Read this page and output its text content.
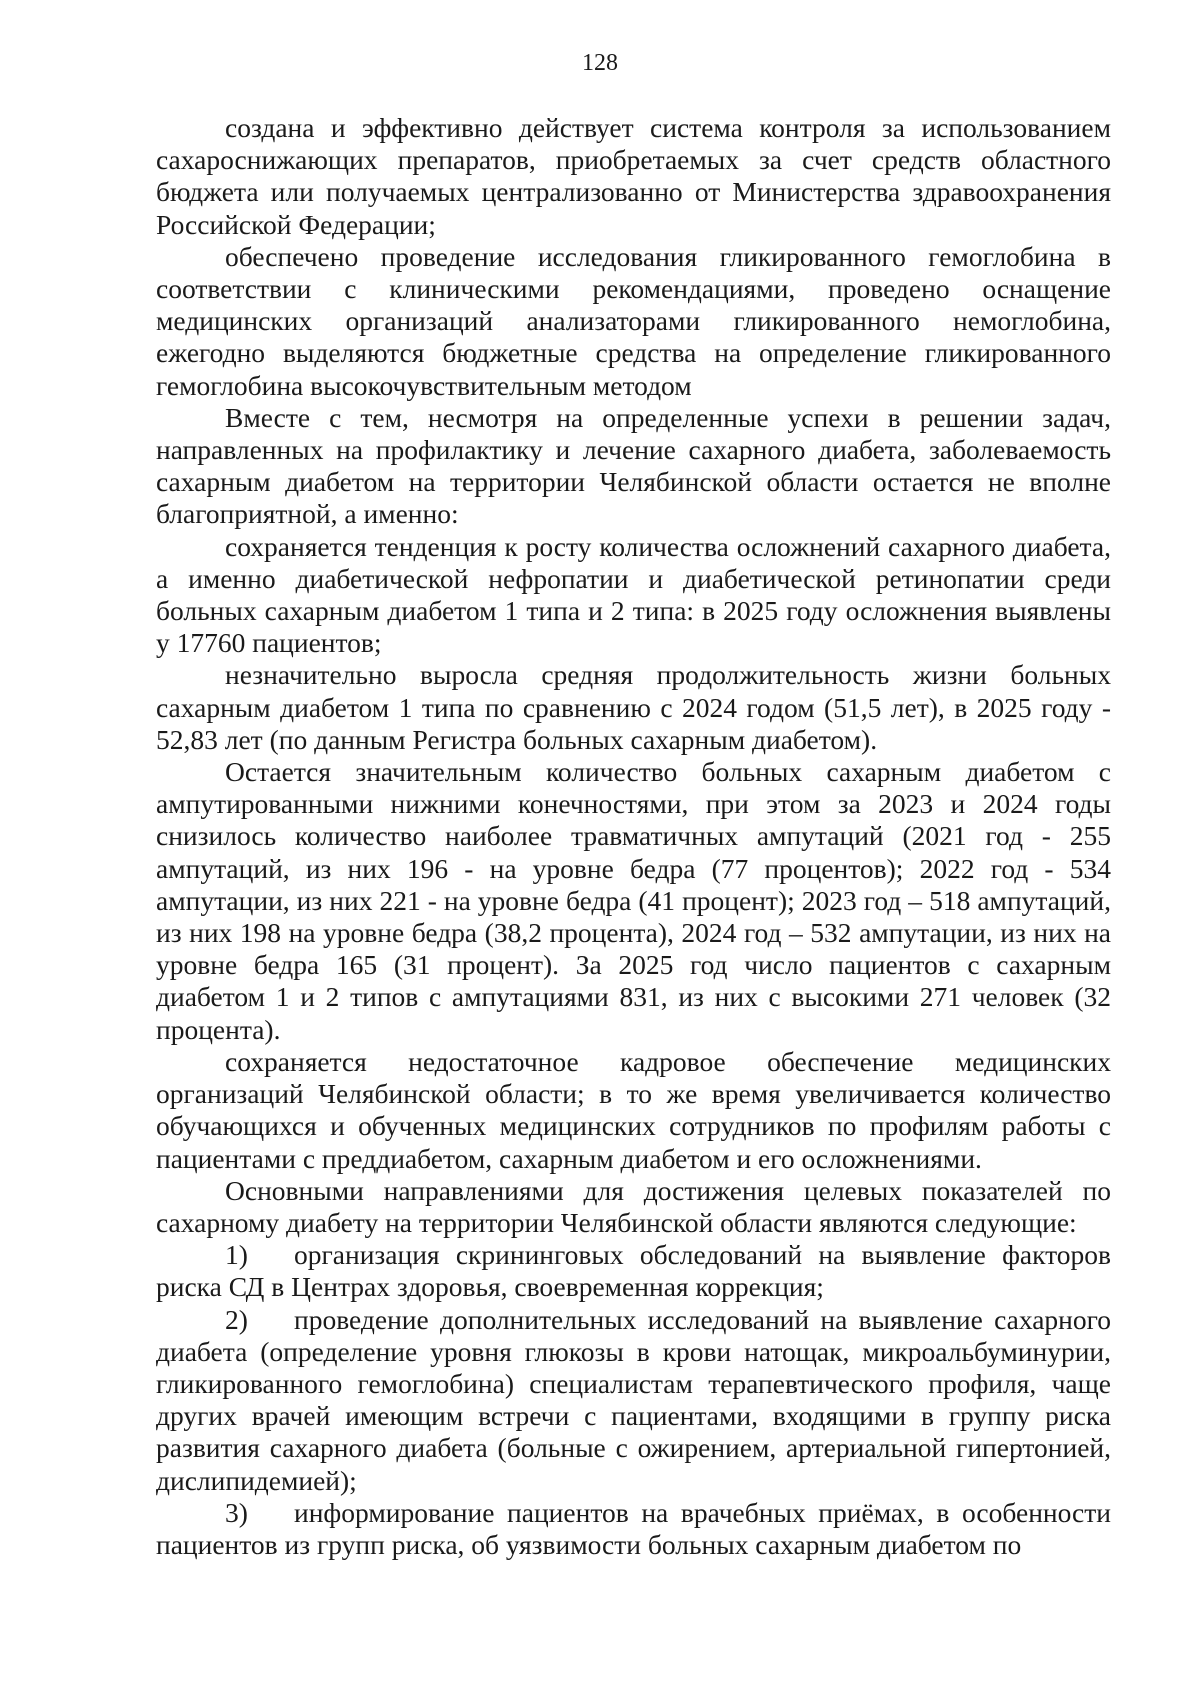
128

создана и эффективно действует система контроля за использованием сахароснижающих препаратов, приобретаемых за счет средств областного бюджета или получаемых централизованно от Министерства здравоохранения Российской Федерации;

обеспечено проведение исследования гликированного гемоглобина в соответствии с клиническими рекомендациями, проведено оснащение медицинских организаций анализаторами гликированного немоглобина, ежегодно выделяются бюджетные средства на определение гликированного гемоглобина высокочувствительным методом

Вместе с тем, несмотря на определенные успехи в решении задач, направленных на профилактику и лечение сахарного диабета, заболеваемость сахарным диабетом на территории Челябинской области остается не вполне благоприятной, а именно:

сохраняется тенденция к росту количества осложнений сахарного диабета, а именно диабетической нефропатии и диабетической ретинопатии среди больных сахарным диабетом 1 типа и 2 типа: в 2025 году осложнения выявлены у 17760 пациентов;

незначительно выросла средняя продолжительность жизни больных сахарным диабетом 1 типа по сравнению с 2024 годом (51,5 лет), в 2025 году - 52,83 лет (по данным Регистра больных сахарным диабетом).

Остается значительным количество больных сахарным диабетом с ампутированными нижними конечностями, при этом за 2023 и 2024 годы снизилось количество наиболее травматичных ампутаций (2021 год - 255 ампутаций, из них 196 - на уровне бедра (77 процентов); 2022 год - 534 ампутации, из них 221 - на уровне бедра (41 процент); 2023 год – 518 ампутаций, из них 198 на уровне бедра (38,2 процента), 2024 год – 532 ампутации, из них на уровне бедра 165 (31 процент). За 2025 год число пациентов с сахарным диабетом 1 и 2 типов с ампутациями 831, из них с высокими 271 человек (32 процента).

сохраняется недостаточное кадровое обеспечение медицинских организаций Челябинской области; в то же время увеличивается количество обучающихся и обученных медицинских сотрудников по профилям работы с пациентами с преддиабетом, сахарным диабетом и его осложнениями.

Основными направлениями для достижения целевых показателей по сахарному диабету на территории Челябинской области являются следующие:

1) организация скрининговых обследований на выявление факторов риска СД в Центрах здоровья, своевременная коррекция;

2) проведение дополнительных исследований на выявление сахарного диабета (определение уровня глюкозы в крови натощак, микроальбуминурии, гликированного гемоглобина) специалистам терапевтического профиля, чаще других врачей имеющим встречи с пациентами, входящими в группу риска развития сахарного диабета (больные с ожирением, артериальной гипертонией, дислипидемией);

3) информирование пациентов на врачебных приёмах, в особенности пациентов из групп риска, об уязвимости больных сахарным диабетом по
